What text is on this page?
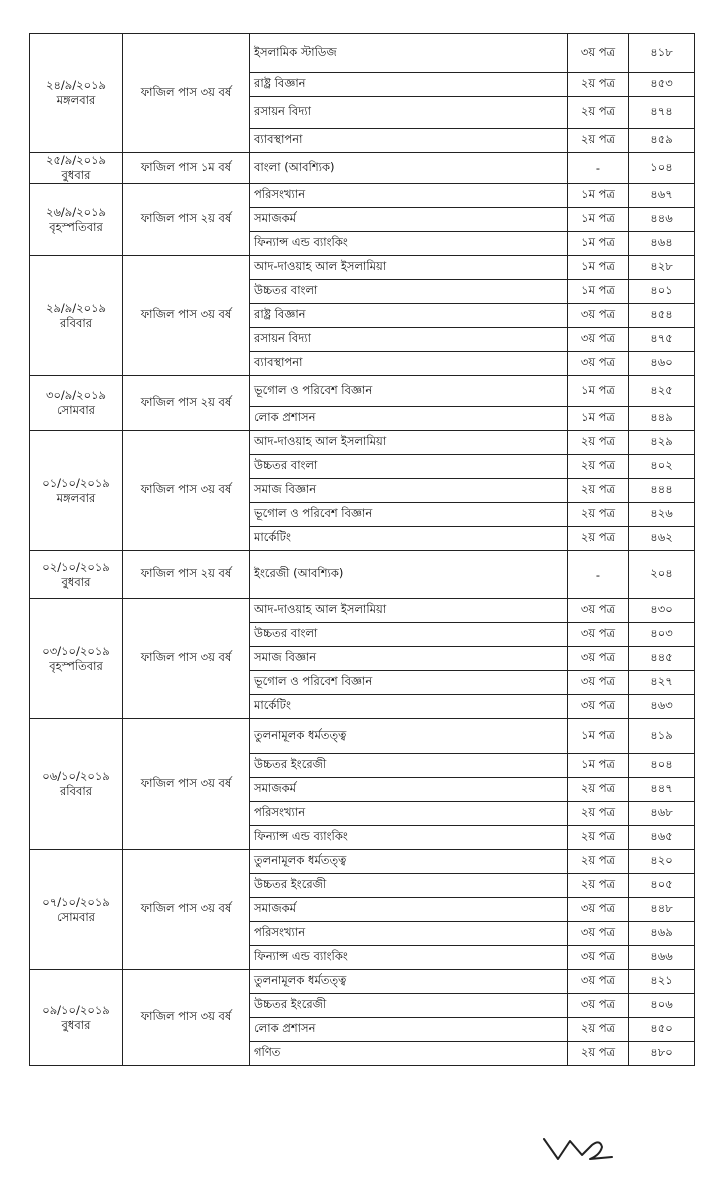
২৪/৯/২০১৯
মঙ্গলবার	ফাজিল পাস ৩য় বর্ষ	ইসলামিক স্টাডিজ	৩য় পত্র	৪১৮
		রাষ্ট্র বিজ্ঞান	২য় পত্র	৪৫৩
		রসায়ন বিদ্যা	২য় পত্র	৪৭৪
		ব্যাবস্থাপনা	২য় পত্র	৪৫৯

২৫/৯/২০১৯
বুধবার	ফাজিল পাস ১ম বর্ষ	বাংলা (আবশ্যিক)	-	১০৪

২৬/৯/২০১৯
বৃহস্পতিবার	ফাজিল পাস ২য় বর্ষ	পরিসংখ্যান	১ম পত্র	৪৬৭
		সমাজকর্ম	১ম পত্র	৪৪৬
		ফিন্যান্স এন্ড ব্যাংকিং	১ম পত্র	৪৬৪

২৯/৯/২০১৯
রবিবার	ফাজিল পাস ৩য় বর্ষ	আদ-দাওয়াহ আল ইসলামিয়া	১ম পত্র	৪২৮
		উচ্চতর বাংলা	১ম পত্র	৪০১
		রাষ্ট্র বিজ্ঞান	৩য় পত্র	৪৫৪
		রসায়ন বিদ্যা	৩য় পত্র	৪৭৫
		ব্যাবস্থাপনা	৩য় পত্র	৪৬০

৩০/৯/২০১৯
সোমবার	ফাজিল পাস ২য় বর্ষ	ভূগোল ও পরিবেশ বিজ্ঞান	১ম পত্র	৪২৫
		লোক প্রশাসন	১ম পত্র	৪৪৯

০১/১০/২০১৯
মঙ্গলবার	ফাজিল পাস ৩য় বর্ষ	আদ-দাওয়াহ আল ইসলামিয়া	২য় পত্র	৪২৯
		উচ্চতর বাংলা	২য় পত্র	৪০২
		সমাজ বিজ্ঞান	২য় পত্র	৪৪৪
		ভূগোল ও পরিবেশ বিজ্ঞান	২য় পত্র	৪২৬
		মার্কেটিং	২য় পত্র	৪৬২

০২/১০/২০১৯
বুধবার	ফাজিল পাস ২য় বর্ষ	ইংরেজী (আবশ্যিক)	-	২০৪

০৩/১০/২০১৯
বৃহস্পতিবার	ফাজিল পাস ৩য় বর্ষ	আদ-দাওয়াহ আল ইসলামিয়া	৩য় পত্র	৪৩০
		উচ্চতর বাংলা	৩য় পত্র	৪০৩
		সমাজ বিজ্ঞান	৩য় পত্র	৪৪৫
		ভূগোল ও পরিবেশ বিজ্ঞান	৩য় পত্র	৪২৭
		মার্কেটিং	৩য় পত্র	৪৬৩

০৬/১০/২০১৯
রবিবার	ফাজিল পাস ৩য় বর্ষ	তুলনামূলক ধর্মতত্ত্ব	১ম পত্র	৪১৯
		উচ্চতর ইংরেজী	১ম পত্র	৪০৪
		সমাজকর্ম	২য় পত্র	৪৪৭
		পরিসংখ্যান	২য় পত্র	৪৬৮
		ফিন্যান্স এন্ড ব্যাংকিং	২য় পত্র	৪৬৫

০৭/১০/২০১৯
সোমবার	ফাজিল পাস ৩য় বর্ষ	তুলনামূলক ধর্মতত্ত্ব	২য় পত্র	৪২০
		উচ্চতর ইংরেজী	২য় পত্র	৪০৫
		সমাজকর্ম	৩য় পত্র	৪৪৮
		পরিসংখ্যান	৩য় পত্র	৪৬৯
		ফিন্যান্স এন্ড ব্যাংকিং	৩য় পত্র	৪৬৬

০৯/১০/২০১৯
বুধবার	ফাজিল পাস ৩য় বর্ষ	তুলনামূলক ধর্মতত্ত্ব	৩য় পত্র	৪২১
		উচ্চতর ইংরেজী	৩য় পত্র	৪০৬
		লোক প্রশাসন	২য় পত্র	৪৫০
		গণিত	২য় পত্র	৪৮০
